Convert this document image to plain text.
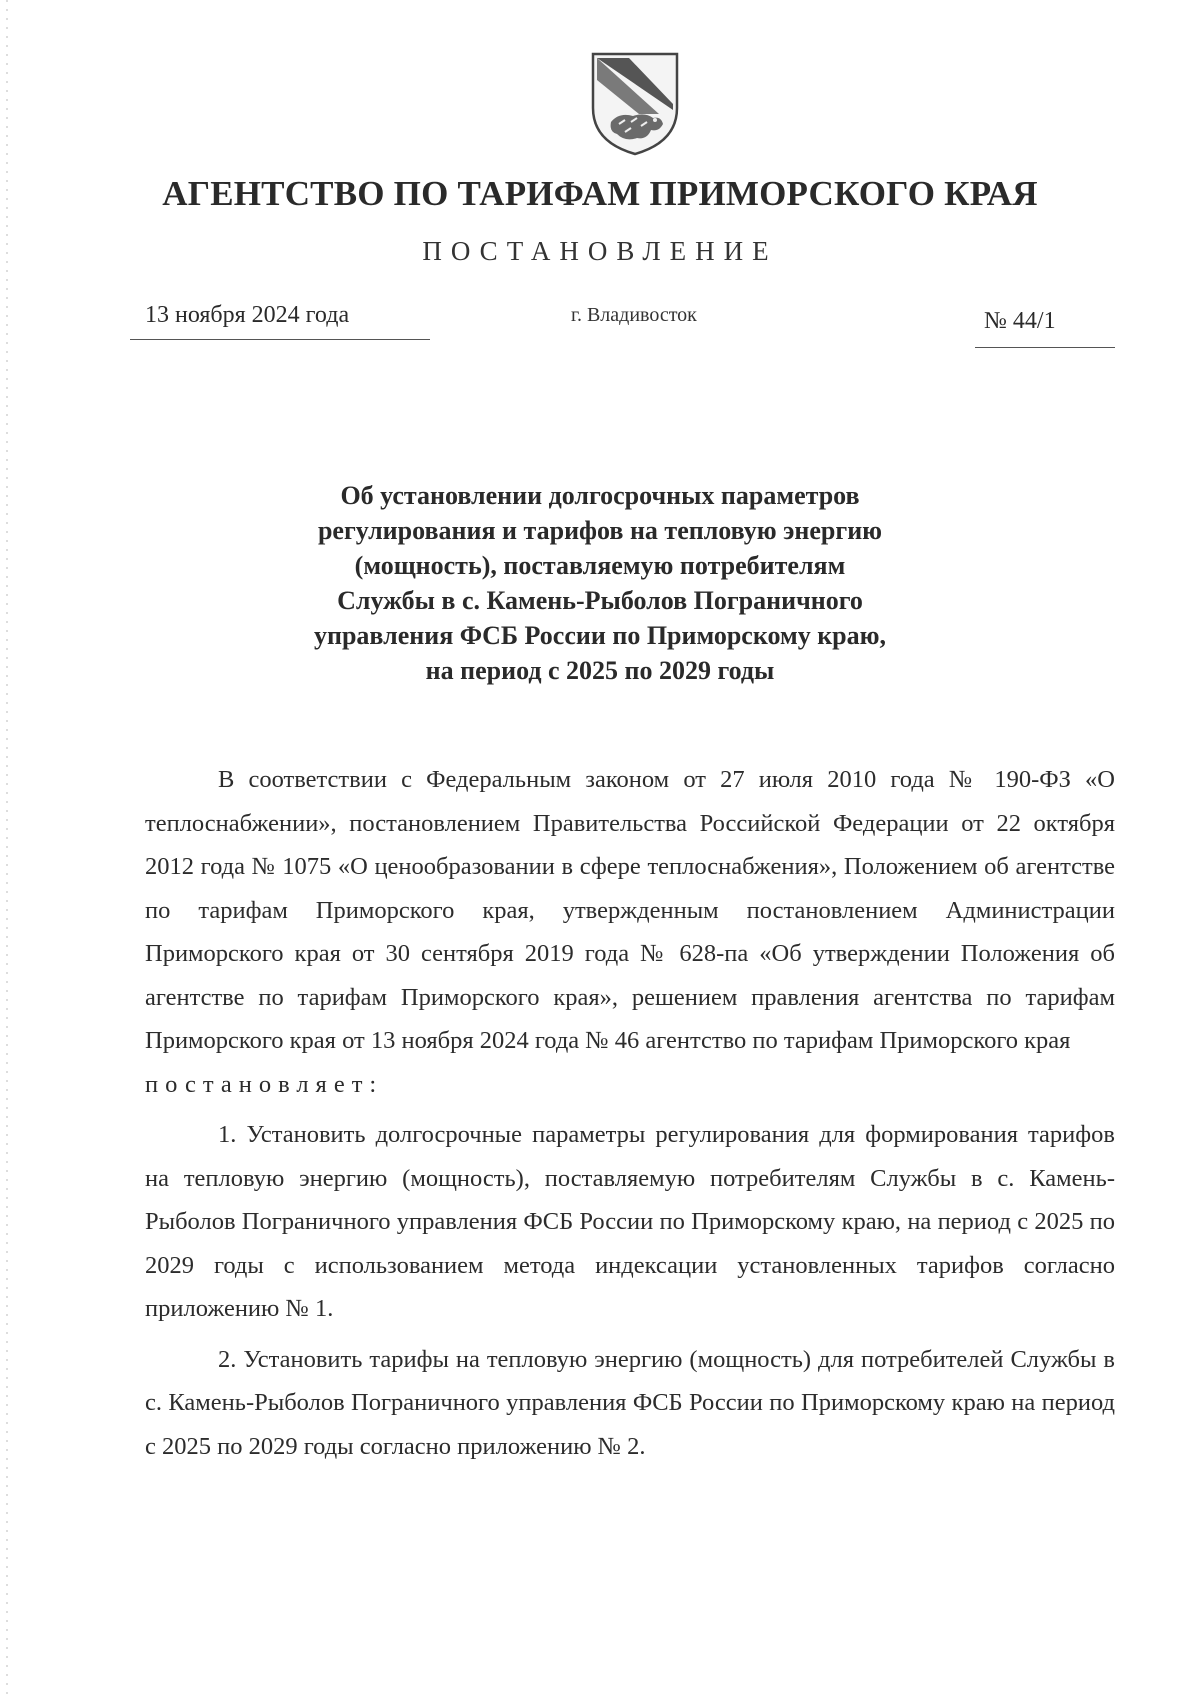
АГЕНТСТВО ПО ТАРИФАМ ПРИМОРСКОГО КРАЯ
ПОСТАНОВЛЕНИЕ
13 ноября 2024 года	г. Владивосток	№ 44/1
Об установлении долгосрочных параметров
регулирования и тарифов на тепловую энергию
(мощность), поставляемую потребителям
Службы в с. Камень-Рыболов Пограничного
управления ФСБ России по Приморскому краю,
на период с 2025 по 2029 годы

В соответствии с Федеральным законом от 27 июля 2010 года № 190-ФЗ «О теплоснабжении», постановлением Правительства Российской Федерации от 22 октября 2012 года № 1075 «О ценообразовании в сфере теплоснабжения», Положением об агентстве по тарифам Приморского края, утвержденным постановлением Администрации Приморского края от 30 сентября 2019 года № 628-па «Об утверждении Положения об агентстве по тарифам Приморского края», решением правления агентства по тарифам Приморского края от 13 ноября 2024 года № 46 агентство по тарифам Приморского края

постановляет:

1. Установить долгосрочные параметры регулирования для формирования тарифов на тепловую энергию (мощность), поставляемую потребителям Службы в с. Камень-Рыболов Пограничного управления ФСБ России по Приморскому краю, на период с 2025 по 2029 годы с использованием метода индексации установленных тарифов согласно приложению № 1.

2. Установить тарифы на тепловую энергию (мощность) для потребителей Службы в с. Камень-Рыболов Пограничного управления ФСБ России по Приморскому краю на период с 2025 по 2029 годы согласно приложению № 2.
